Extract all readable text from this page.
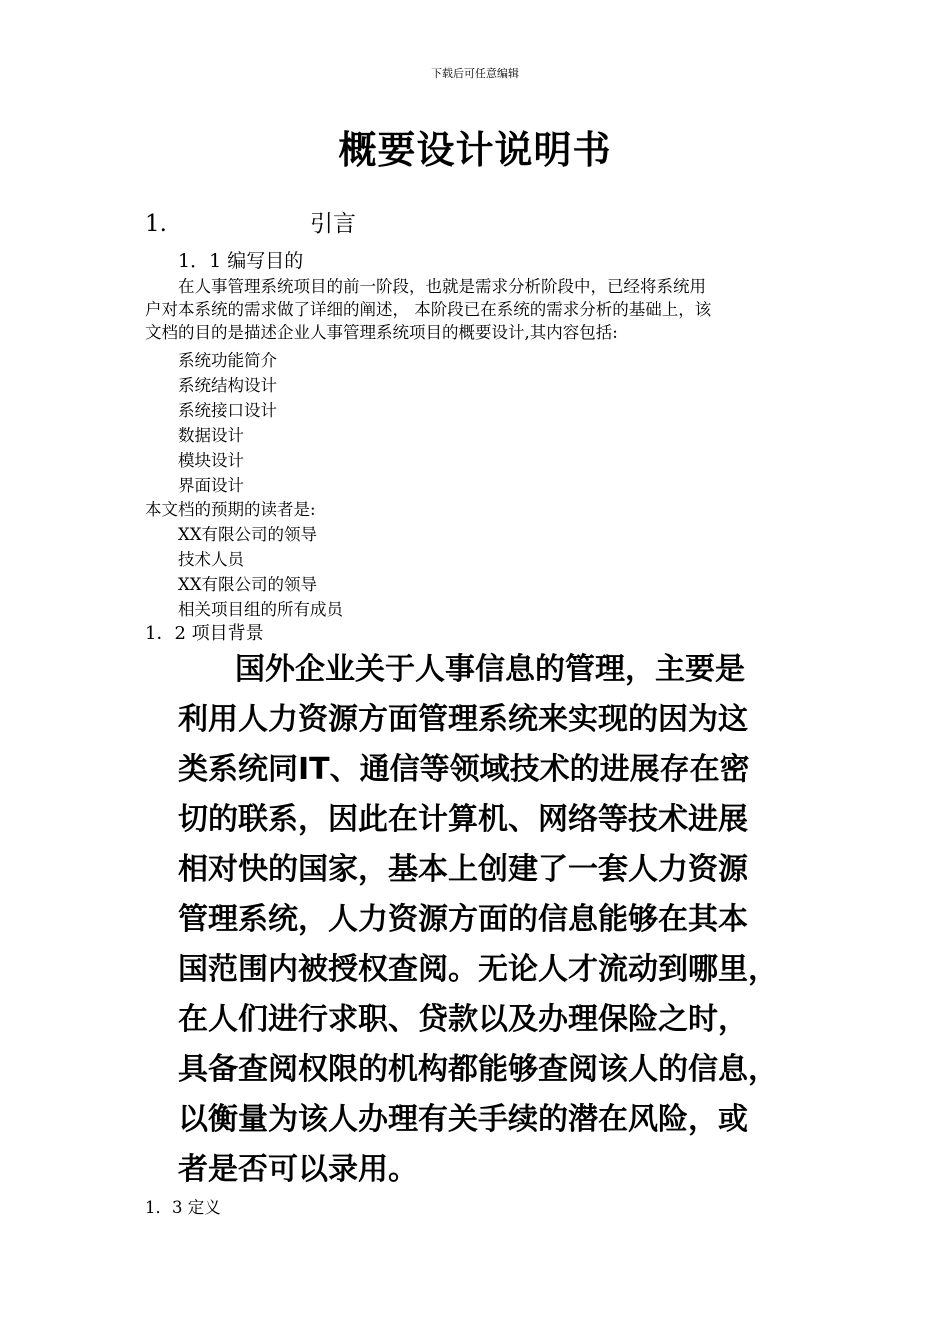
下载后可任意编辑
概要设计说明书
1.	引言
1．1 编写目的
在人事管理系统项目的前一阶段，也就是需求分析阶段中，已经将系统用
户对本系统的需求做了详细的阐述， 本阶段已在系统的需求分析的基础上，该
文档的目的是描述企业人事管理系统项目的概要设计,其内容包括:
系统功能简介
系统结构设计
系统接口设计
数据设计
模块设计
界面设计
本文档的预期的读者是:
XX有限公司的领导
技术人员
XX有限公司的领导
相关项目组的所有成员
1．2 项目背景
国外企业关于人事信息的管理，主要是
利用人力资源方面管理系统来实现的因为这
类系统同IT、通信等领域技术的进展存在密
切的联系，因此在计算机、网络等技术进展
相对快的国家，基本上创建了一套人力资源
管理系统，人力资源方面的信息能够在其本
国范围内被授权查阅。无论人才流动到哪里，
在人们进行求职、贷款以及办理保险之时，
具备查阅权限的机构都能够查阅该人的信息，
以衡量为该人办理有关手续的潜在风险，或
者是否可以录用。
1．3 定义
